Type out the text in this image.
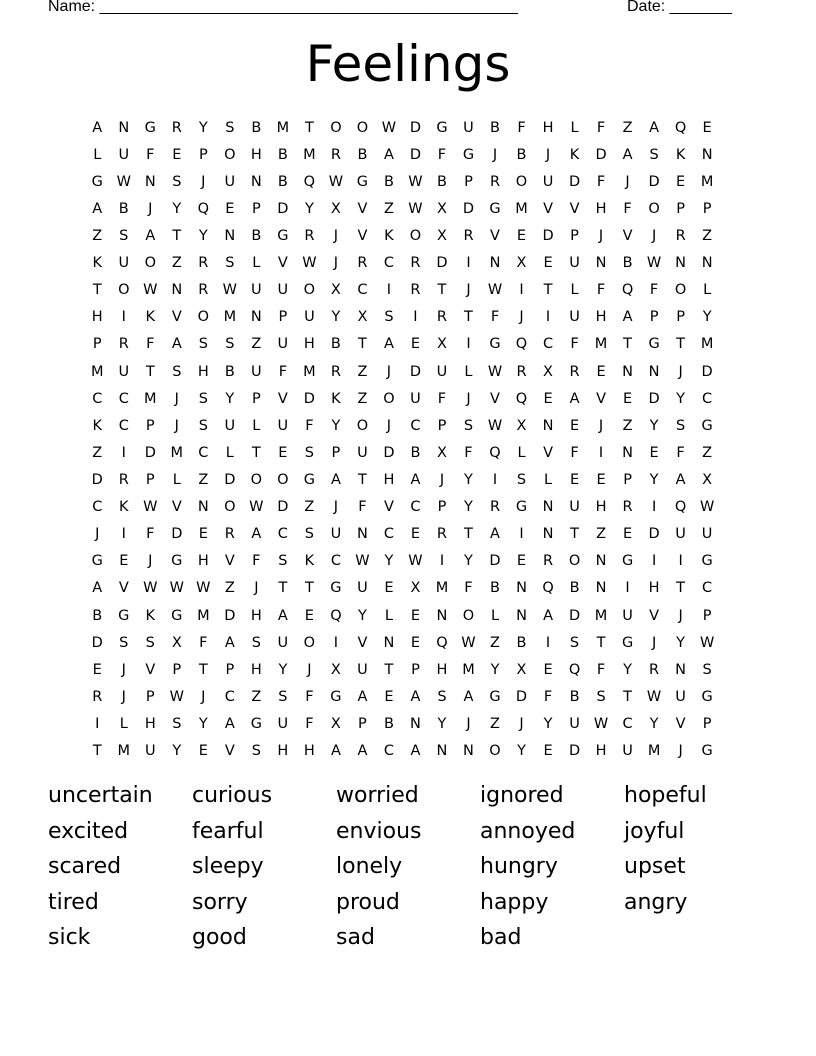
Name: _______________________________________________	Date: _______
Feelings
A	N	G	R	Y	S	B	M	T	O	O W D	G	U	B	F	H	L	F	Z	A	Q	E
L	U	F	E	P	O	H	B	M	R	B	A	D	F	G	J	B	J	K	D	A	S	K	N
G W N	S	J	U	N	B	Q W G	B W B	P	R	O	U	D	F	J	D	E	M
A	B	J	Y	Q	E	P	D	Y	X	V	Z W X	D	G	M	V	V	H	F	O	P	P
Z	S	A	T	Y	N	B	G	R	J	V	K	O	X	R	V	E	D	P	J	V	J	R	Z
K	U	O	Z	R	S	L	V W	J	R	C	R	D	I	N	X	E	U	N	B W N	N
T	O W N	R W U	U	O	X	C	I	R	T	J	W	I	T	L	F	Q	F	O	L
H	I	K	V	O	M	N	P	U	Y	X	S	I	R	T	F	J	I	U	H	A	P	P	Y
P	R	F	A	S	S	Z	U	H	B	T	A	E	X	I	G	Q	C	F	M	T	G	T	M
M	U	T	S	H	B	U	F	M	R	Z	J	D	U	L	W R	X	R	E	N	N	J	D
C	C	M	J	S	Y	P	V	D	K	Z	O	U	F	J	V	Q	E	A	V	E	D	Y	C
K	C	P	J	S	U	L	U	F	Y	O	J	C	P	S	W X	N	E	J	Z	Y	S	G
Z	I	D	M	C	L	T	E	S	P	U	D	B	X	F	Q	L	V	F	I	N	E	F	Z
D	R	P	L	Z	D	O	O	G	A	T	H	A	J	Y	I	S	L	E	E	P	Y	A	X
C	K	W V	N	O W D	Z	J	F	V	C	P	Y	R	G	N	U	H	R	I	Q W
J	I	F	D	E	R	A	C	S	U	N	C	E	R	T	A	I	N	T	Z	E	D	U	U
G	E	J	G	H	V	F	S	K	C W	Y	W	I	Y	D	E	R	O	N	G	I	I	G
A	V W W W Z	J	T	T	G	U	E	X	M	F	B	N	Q	B	N	I	H	T	C
B	G	K	G	M	D	H	A	E	Q	Y	L	E	N	O	L	N	A	D	M	U	V	J	P
D	S	S	X	F	A	S	U	O	I	V	N	E	Q W Z	B	I	S	T	G	J	Y	W
E	J	V	P	T	P	H	Y	J	X	U	T	P	H	M	Y	X	E	Q	F	Y	R	N	S
R	J	P	W	J	C	Z	S	F	G	A	E	A	S	A	G	D	F	B	S	T	W U	G
I	L	H	S	Y	A	G	U	F	X	P	B	N	Y	J	Z	J	Y	U W C	Y	V	P
T	M	U	Y	E	V	S	H	H	A	A	C	A	N	N	O	Y	E	D	H	U	M	J	G
uncertain	curious	worried	ignored	hopeful
excited	fearful	envious	annoyed	joyful
scared	sleepy	lonely	hungry	upset
tired	sorry	proud	happy	angry
sick	good	sad	bad
